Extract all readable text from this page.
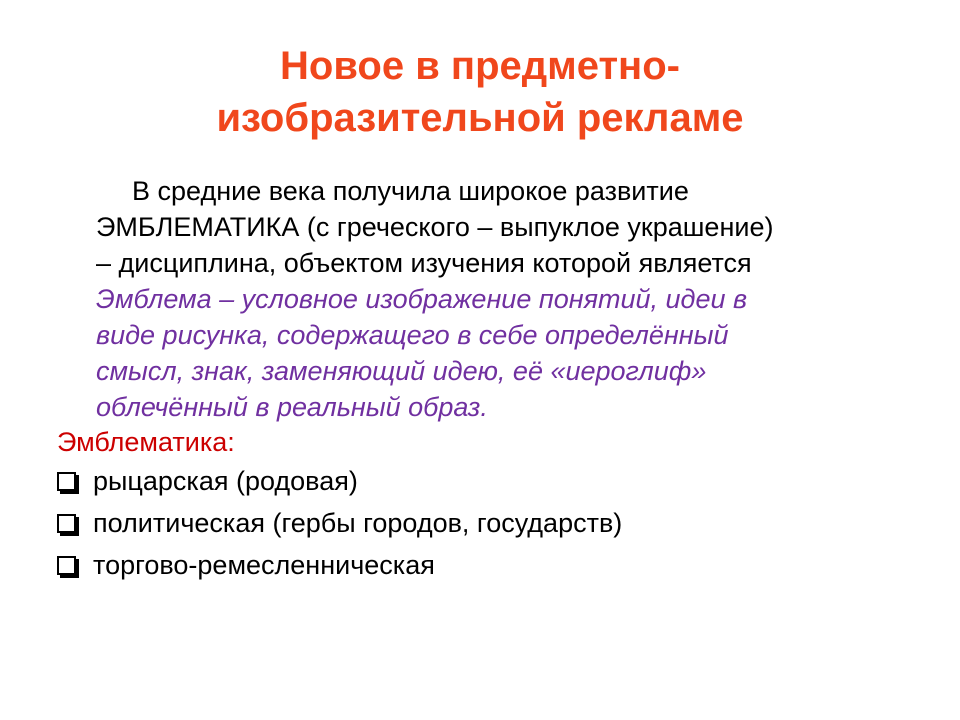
Новое в предметно-
изобразительной рекламе
В средние века получила широкое развитие
ЭМБЛЕМАТИКА (с греческого – выпуклое украшение)
– дисциплина, объектом изучения которой является
Эмблема – условное изображение понятий, идеи в
виде рисунка, содержащего в себе определённый
смысл, знак, заменяющий идею, её «иероглиф»
облечённый в реальный образ.
Эмблематика:
рыцарская (родовая)
политическая (гербы городов, государств)
торгово-ремесленническая
